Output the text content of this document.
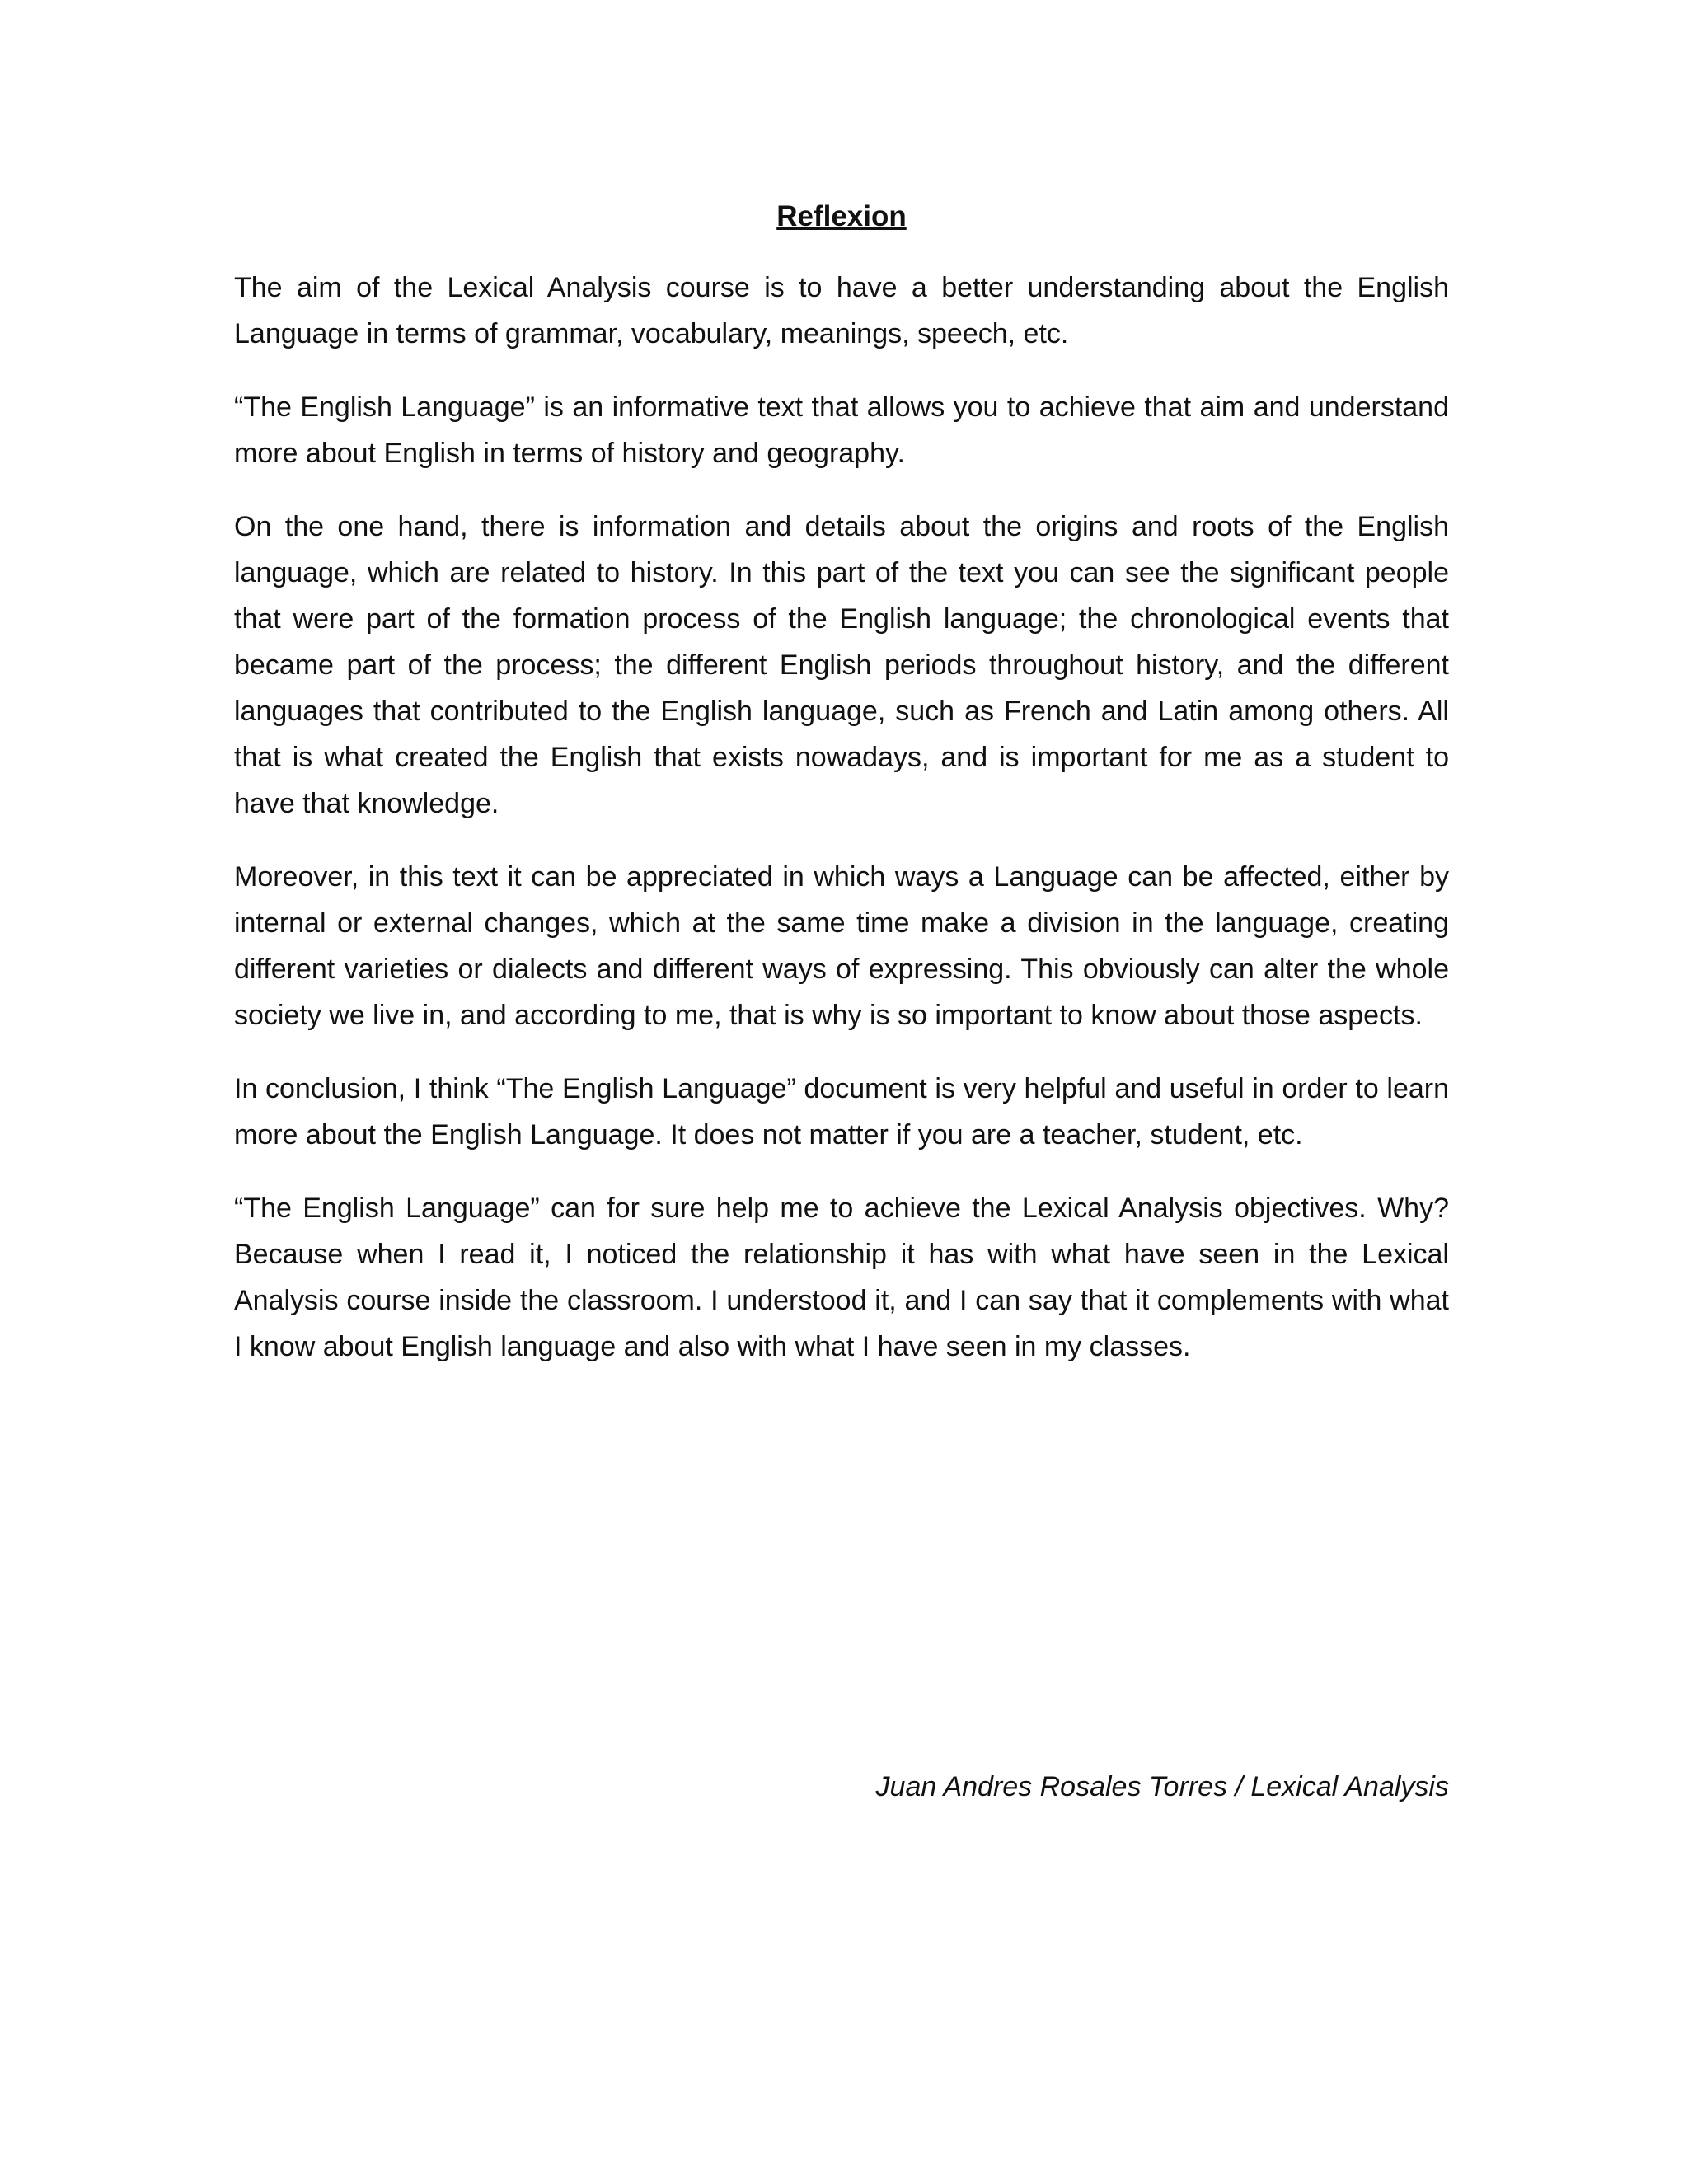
Reflexion

The aim of the Lexical Analysis course is to have a better understanding about the English Language in terms of grammar, vocabulary, meanings, speech, etc.

“The English Language” is an informative text that allows you to achieve that aim and understand more about English in terms of history and geography.

On the one hand, there is information and details about the origins and roots of the English language, which are related to history. In this part of the text you can see the significant people that were part of the formation process of the English language; the chronological events that became part of the process; the different English periods throughout history, and the different languages that contributed to the English language, such as French and Latin among others. All that is what created the English that exists nowadays, and is important for me as a student to have that knowledge.

Moreover, in this text it can be appreciated in which ways a Language can be affected, either by internal or external changes, which at the same time make a division in the language, creating different varieties or dialects and different ways of expressing. This obviously can alter the whole society we live in, and according to me, that is why is so important to know about those aspects.

In conclusion, I think “The English Language” document is very helpful and useful in order to learn more about the English Language. It does not matter if you are a teacher, student, etc.

“The English Language” can for sure help me to achieve the Lexical Analysis objectives. Why? Because when I read it, I noticed the relationship it has with what have seen in the Lexical Analysis course inside the classroom. I understood it, and I can say that it complements with what I know about English language and also with what I have seen in my classes.

Juan Andres Rosales Torres / Lexical Analysis
